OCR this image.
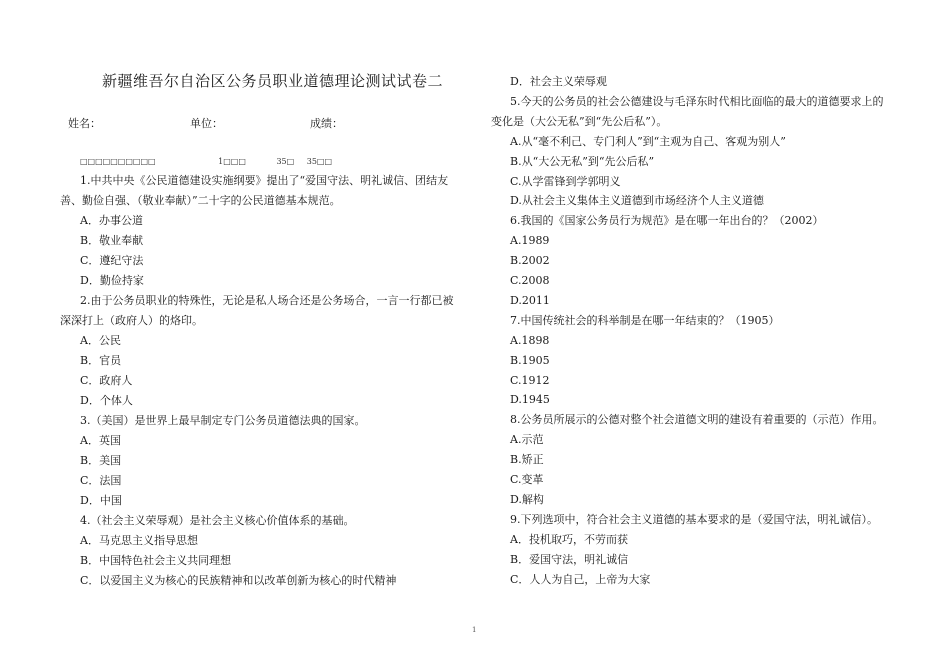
新疆维吾尔自治区公务员职业道德理论测试试卷二
姓名：	单位：	成绩：
□□□□□□□□□□	1□□□	35□ 35□□
1.中共中央《公民道德建设实施纲要》提出了“爱国守法、明礼诚信、团结友
善、勤俭自强、（敬业奉献）”二十字的公民道德基本规范。
A．办事公道
B．敬业奉献
C．遵纪守法
D．勤俭持家
2.由于公务员职业的特殊性，无论是私人场合还是公务场合，一言一行都已被
深深打上（政府人）的烙印。
A．公民
B．官员
C．政府人
D．个体人
3.（美国）是世界上最早制定专门公务员道德法典的国家。
A．英国
B．美国
C．法国
D．中国
4.（社会主义荣辱观）是社会主义核心价值体系的基础。
A．马克思主义指导思想
B．中国特色社会主义共同理想
C．以爱国主义为核心的民族精神和以改革创新为核心的时代精神
D．社会主义荣辱观
5.今天的公务员的社会公德建设与毛泽东时代相比面临的最大的道德要求上的
变化是（大公无私”到“先公后私”）。
A.从“毫不利己、专门利人”到“主观为自己、客观为别人”
B.从“大公无私”到“先公后私”
C.从学雷锋到学郭明义
D.从社会主义集体主义道德到市场经济个人主义道德
6.我国的《国家公务员行为规范》是在哪一年出台的？（2002）
A.1989
B.2002
C.2008
D.2011
7.中国传统社会的科举制是在哪一年结束的？（1905）
A.1898
B.1905
C.1912
D.1945
8.公务员所展示的公德对整个社会道德文明的建设有着重要的（示范）作用。
A.示范
B.矫正
C.变革
D.解构
9.下列选项中，符合社会主义道德的基本要求的是（爱国守法，明礼诚信）。
A．投机取巧，不劳而获
B．爱国守法，明礼诚信
C．人人为自己，上帝为大家
1
